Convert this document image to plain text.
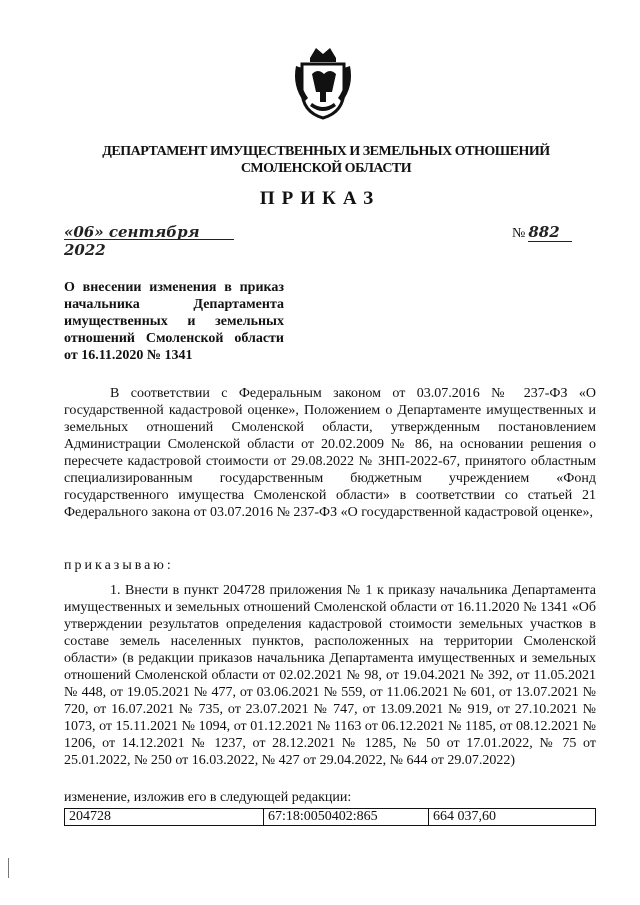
ДЕПАРТАМЕНТ ИМУЩЕСТВЕННЫХ И ЗЕМЕЛЬНЫХ ОТНОШЕНИЙ
СМОЛЕНСКОЙ ОБЛАСТИ
ПРИКАЗ
«06» сентября 2022
№ 882
О внесении изменения в приказ начальника Департамента имущественных и земельных отношений Смоленской области от 16.11.2020 № 1341
В соответствии с Федеральным законом от 03.07.2016 № 237-ФЗ «О государственной кадастровой оценке», Положением о Департаменте имущественных и земельных отношений Смоленской области, утвержденным постановлением Администрации Смоленской области от 20.02.2009 № 86, на основании решения о пересчете кадастровой стоимости от 29.08.2022 № ЗНП-2022-67, принятого областным специализированным государственным бюджетным учреждением «Фонд государственного имущества Смоленской области» в соответствии со статьей 21 Федерального закона от 03.07.2016 № 237-ФЗ «О государственной кадастровой оценке»,
приказываю:
1. Внести в пункт 204728 приложения № 1 к приказу начальника Департамента имущественных и земельных отношений Смоленской области от 16.11.2020 № 1341 «Об утверждении результатов определения кадастровой стоимости земельных участков в составе земель населенных пунктов, расположенных на территории Смоленской области» (в редакции приказов начальника Департамента имущественных и земельных отношений Смоленской области от 02.02.2021 № 98, от 19.04.2021 № 392, от 11.05.2021 № 448, от 19.05.2021 № 477, от 03.06.2021 № 559, от 11.06.2021 № 601, от 13.07.2021 № 720, от 16.07.2021 № 735, от 23.07.2021 № 747, от 13.09.2021 № 919, от 27.10.2021 № 1073, от 15.11.2021 № 1094, от 01.12.2021 № 1163 от 06.12.2021 № 1185, от 08.12.2021 № 1206, от 14.12.2021 № 1237, от 28.12.2021 № 1285, № 50 от 17.01.2022, № 75 от 25.01.2022, № 250 от 16.03.2022, № 427 от 29.04.2022, № 644 от 29.07.2022)
изменение, изложив его в следующей редакции:
204728	67:18:0050402:865	664 037,60
